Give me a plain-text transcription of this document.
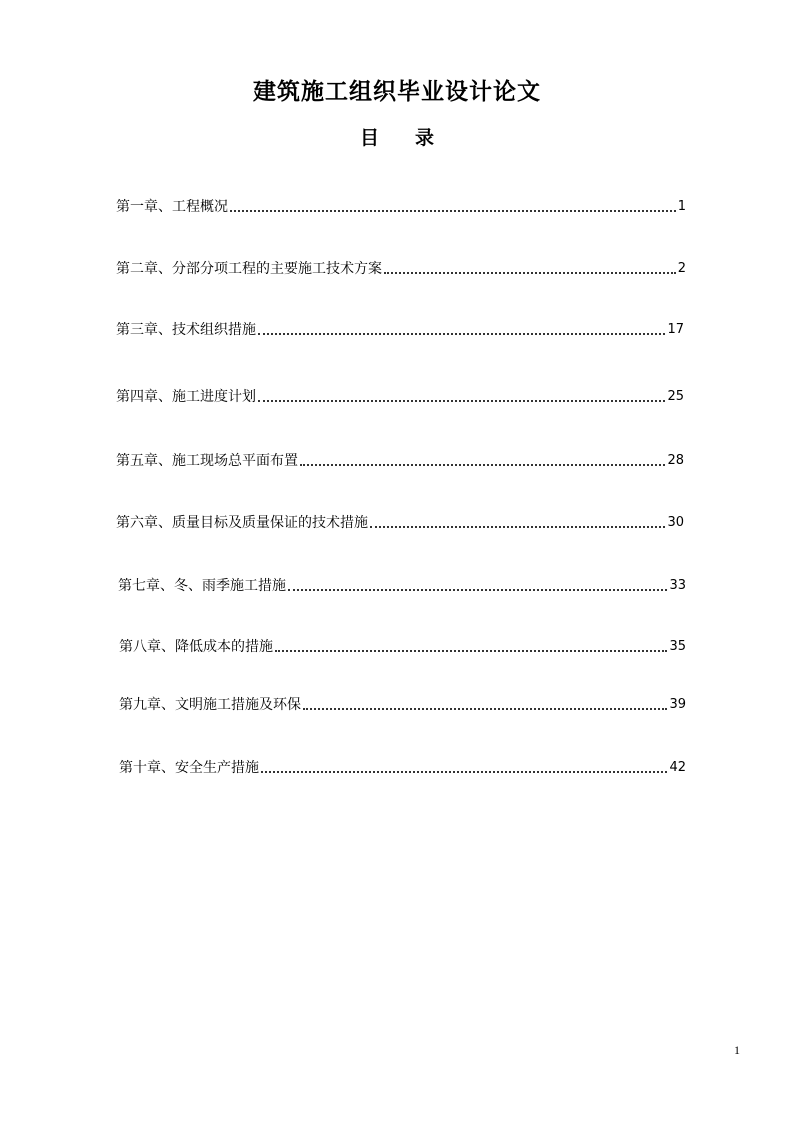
建筑施工组织毕业设计论文
目 录
第一章、工程概况	1
第二章、分部分项工程的主要施工技术方案	2
第三章、技术组织措施	17
第四章、施工进度计划	25
第五章、施工现场总平面布置	28
第六章、质量目标及质量保证的技术措施	30
第七章、冬、雨季施工措施	33
第八章、降低成本的措施	35
第九章、文明施工措施及环保	39
第十章、安全生产措施	42
1
